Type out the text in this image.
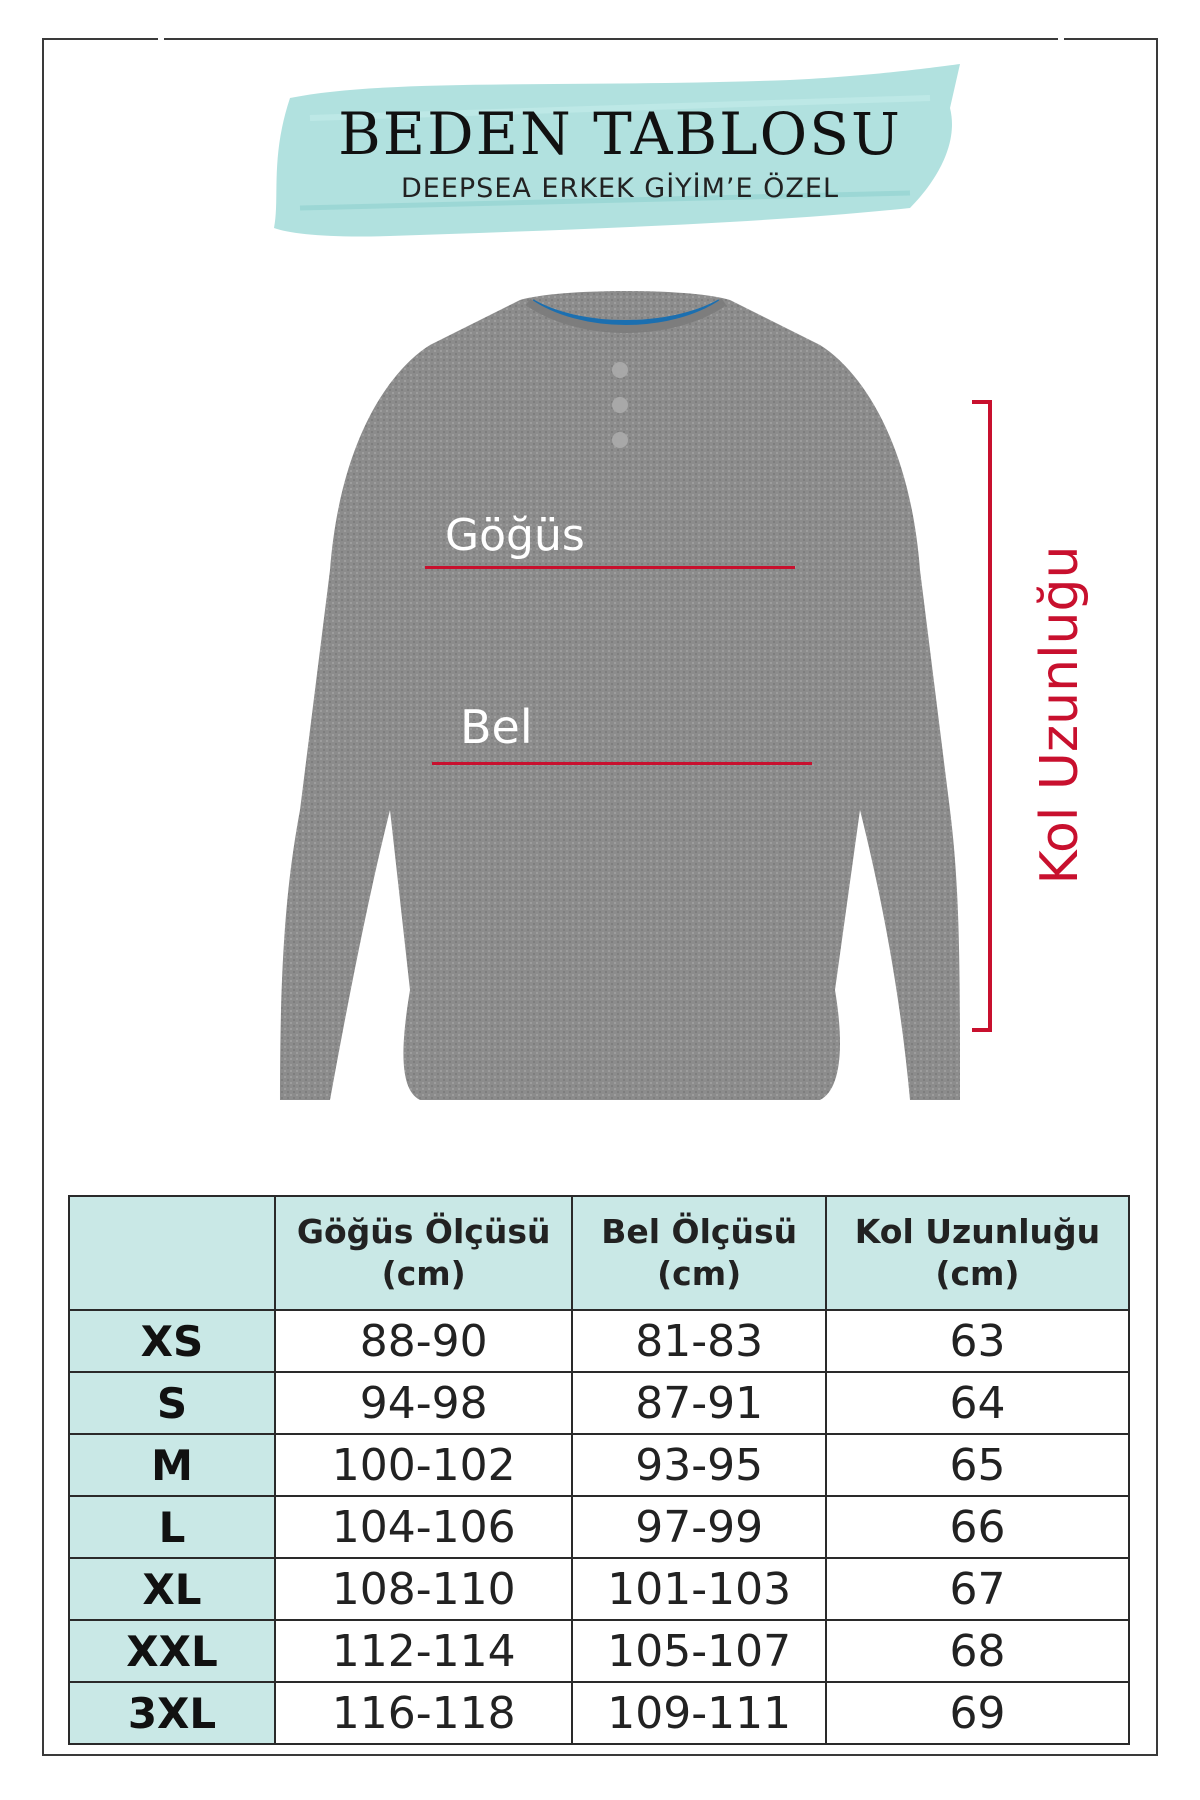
BEDEN TABLOSU
DEEPSEA ERKEK GİYİM’E ÖZEL
Göğüs
Bel	Kol Uzunluğu
	Göğüs Ölçüsü (cm)	Bel Ölçüsü (cm)	Kol Uzunluğu (cm)
XS	88-90	81-83	63
S	94-98	87-91	64
M	100-102	93-95	65
L	104-106	97-99	66
XL	108-110	101-103	67
XXL	112-114	105-107	68
3XL	116-118	109-111	69
